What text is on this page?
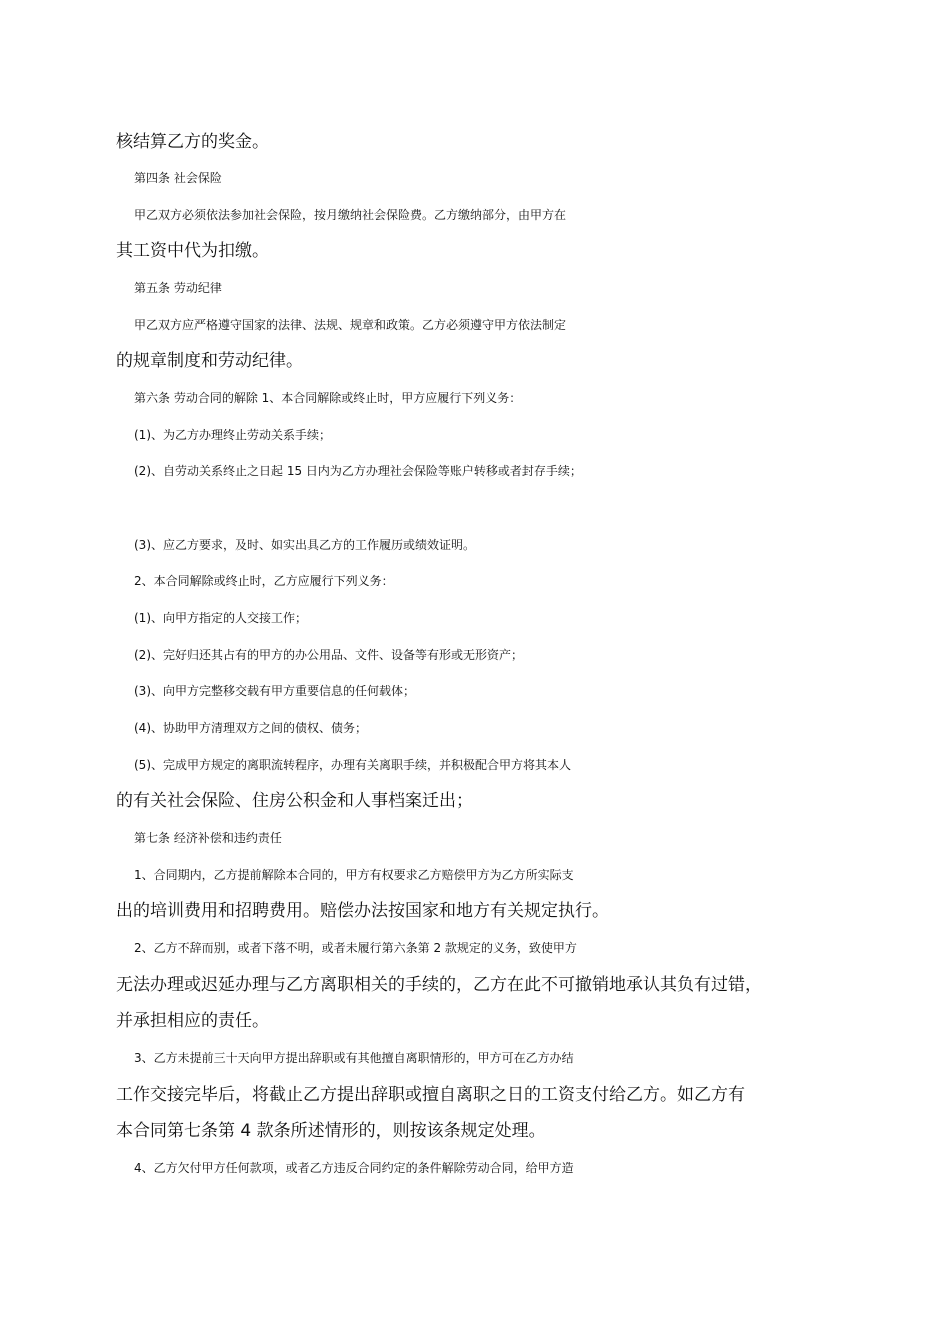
核结算乙方的奖金。

第四条 社会保险

甲乙双方必须依法参加社会保险，按月缴纳社会保险费。乙方缴纳部分，由甲方在

其工资中代为扣缴。

第五条 劳动纪律

甲乙双方应严格遵守国家的法律、法规、规章和政策。乙方必须遵守甲方依法制定

的规章制度和劳动纪律。

第六条 劳动合同的解除 1、本合同解除或终止时，甲方应履行下列义务：

(1)、为乙方办理终止劳动关系手续；

(2)、自劳动关系终止之日起 15 日内为乙方办理社会保险等账户转移或者封存手续；

(3)、应乙方要求，及时、如实出具乙方的工作履历或绩效证明。

2、本合同解除或终止时，乙方应履行下列义务：

(1)、向甲方指定的人交接工作；

(2)、完好归还其占有的甲方的办公用品、文件、设备等有形或无形资产；

(3)、向甲方完整移交载有甲方重要信息的任何载体；

(4)、协助甲方清理双方之间的债权、债务；

(5)、完成甲方规定的离职流转程序，办理有关离职手续，并积极配合甲方将其本人

的有关社会保险、住房公积金和人事档案迁出；

第七条 经济补偿和违约责任

1、合同期内，乙方提前解除本合同的，甲方有权要求乙方赔偿甲方为乙方所实际支

出的培训费用和招聘费用。赔偿办法按国家和地方有关规定执行。

2、乙方不辞而别，或者下落不明，或者未履行第六条第 2 款规定的义务，致使甲方

无法办理或迟延办理与乙方离职相关的手续的，乙方在此不可撤销地承认其负有过错，

并承担相应的责任。

3、乙方未提前三十天向甲方提出辞职或有其他擅自离职情形的，甲方可在乙方办结

工作交接完毕后，将截止乙方提出辞职或擅自离职之日的工资支付给乙方。如乙方有

本合同第七条第 4 款条所述情形的，则按该条规定处理。

4、乙方欠付甲方任何款项，或者乙方违反合同约定的条件解除劳动合同，给甲方造
